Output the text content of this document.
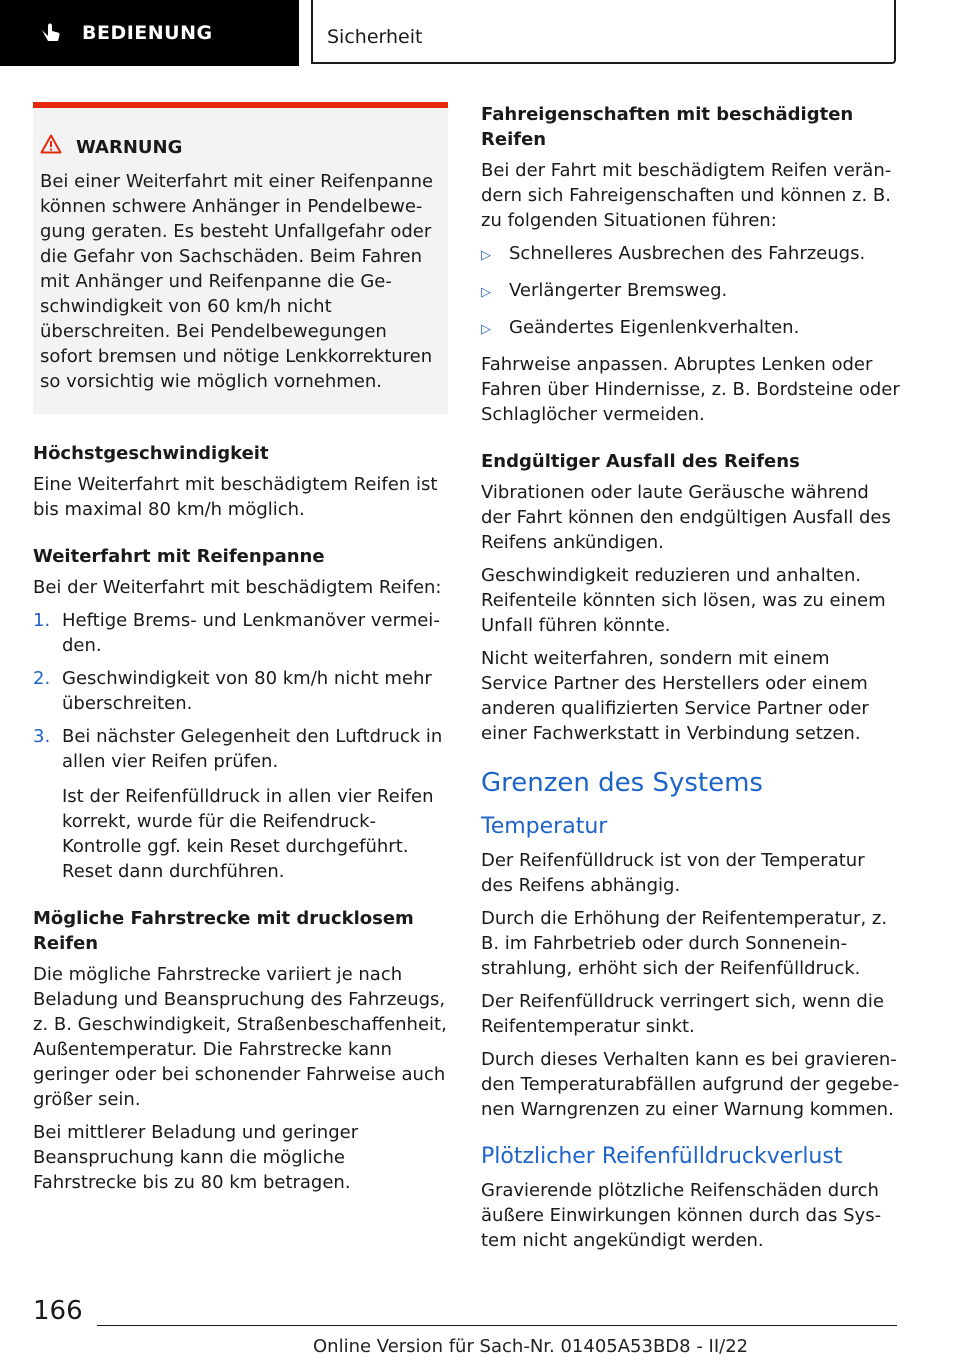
BEDIENUNG	Sicherheit
WARNUNG

Bei einer Weiterfahrt mit einer Reifenpanne können schwere Anhänger in Pendelbewegung geraten. Es besteht Unfallgefahr oder die Gefahr von Sachschäden. Beim Fahren mit Anhänger und Reifenpanne die Geschwindigkeit von 60 km/h nicht überschreiten. Bei Pendelbewegungen sofort bremsen und nötige Lenkkorrekturen so vorsichtig wie möglich vornehmen.

Höchstgeschwindigkeit

Eine Weiterfahrt mit beschädigtem Reifen ist bis maximal 80 km/h möglich.

Weiterfahrt mit Reifenpanne

Bei der Weiterfahrt mit beschädigtem Reifen:

1. Heftige Brems- und Lenkmanöver vermeiden.
2. Geschwindigkeit von 80 km/h nicht mehr überschreiten.
3. Bei nächster Gelegenheit den Luftdruck in allen vier Reifen prüfen.

Ist der Reifenfülldruck in allen vier Reifen korrekt, wurde für die Reifendruck-Kontrolle ggf. kein Reset durchgeführt. Reset dann durchführen.

Mögliche Fahrstrecke mit drucklosem Reifen

Die mögliche Fahrstrecke variiert je nach Beladung und Beanspruchung des Fahrzeugs, z. B. Geschwindigkeit, Straßenbeschaffenheit, Außentemperatur. Die Fahrstrecke kann geringer oder bei schonender Fahrweise auch größer sein.

Bei mittlerer Beladung und geringer Beanspruchung kann die mögliche Fahrstrecke bis zu 80 km betragen.

Fahreigenschaften mit beschädigten Reifen

Bei der Fahrt mit beschädigtem Reifen verändern sich Fahreigenschaften und können z. B. zu folgenden Situationen führen:

▷	Schnelleres Ausbrechen des Fahrzeugs.
▷	Verlängerter Bremsweg.
▷	Geändertes Eigenlenkverhalten.

Fahrweise anpassen. Abruptes Lenken oder Fahren über Hindernisse, z. B. Bordsteine oder Schlaglöcher vermeiden.

Endgültiger Ausfall des Reifens

Vibrationen oder laute Geräusche während der Fahrt können den endgültigen Ausfall des Reifens ankündigen.

Geschwindigkeit reduzieren und anhalten. Reifenteile könnten sich lösen, was zu einem Unfall führen könnte.

Nicht weiterfahren, sondern mit einem Service Partner des Herstellers oder einem anderen qualifizierten Service Partner oder einer Fachwerkstatt in Verbindung setzen.

Grenzen des Systems
Temperatur

Der Reifenfülldruck ist von der Temperatur des Reifens abhängig.

Durch die Erhöhung der Reifentemperatur, z. B. im Fahrbetrieb oder durch Sonneneinstrahlung, erhöht sich der Reifenfülldruck.

Der Reifenfülldruck verringert sich, wenn die Reifentemperatur sinkt.

Durch dieses Verhalten kann es bei gravierenden Temperaturabfällen aufgrund der gegebenen Warngrenzen zu einer Warnung kommen.

Plötzlicher Reifenfülldruckverlust

Gravierende plötzliche Reifenschäden durch äußere Einwirkungen können durch das System nicht angekündigt werden.

166
Online Version für Sach-Nr. 01405A53BD8 - II/22
